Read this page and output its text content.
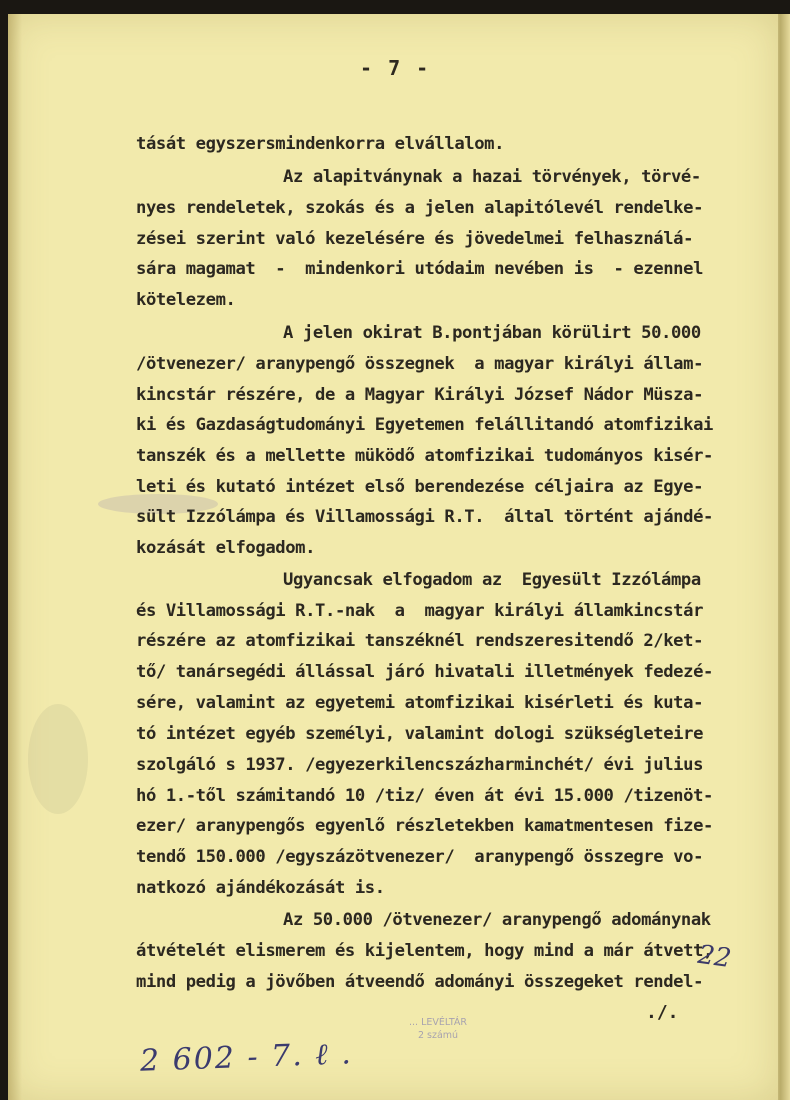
- 7 -
tását egyszersmindenkorra elvállalom.
Az alapitványnak a hazai törvények, törvé-
nyes rendeletek, szokás és a jelen alapitólevél rendelke-
zései szerint való kezelésére és jövedelmei felhasználá-
sára magamat  -  mindenkori utódaim nevében is  - ezennel
kötelezem.
A jelen okirat B.pontjában körülirt 50.000
/ötvenezer/ aranypengő összegnek  a magyar királyi állam-
kincstár részére, de a Magyar Királyi József Nádor Müsza-
ki és Gazdaságtudományi Egyetemen felállitandó atomfizikai
tanszék és a mellette müködő atomfizikai tudományos kisér-
leti és kutató intézet első berendezése céljaira az Egye-
sült Izzólámpa és Villamossági R.T.  által történt ajándé-
kozását elfogadom.
Ugyancsak elfogadom az  Egyesült Izzólámpa
és Villamossági R.T.-nak  a  magyar királyi államkincstár
részére az atomfizikai tanszéknél rendszeresitendő 2/ket-
tő/ tanársegédi állással járó hivatali illetmények fedezé-
sére, valamint az egyetemi atomfizikai kisérleti és kuta-
tó intézet egyéb személyi, valamint dologi szükségleteire
szolgáló s 1937. /egyezerkilencszázharminchét/ évi julius
hó 1.-től számitandó 10 /tiz/ éven át évi 15.000 /tizenöt-
ezer/ aranypengős egyenlő részletekben kamatmentesen fize-
tendő 150.000 /egyszázötvenezer/  aranypengő összegre vo-
natkozó ajándékozását is.
Az 50.000 /ötvenezer/ aranypengő adománynak
átvételét elismerem és kijelentem, hogy mind a már átvett,
mind pedig a jövőben átveendő adományi összegeket rendel-
./.
22
2 602 - 7. ℓ .
... LEVÉLTÁR
2 számú
